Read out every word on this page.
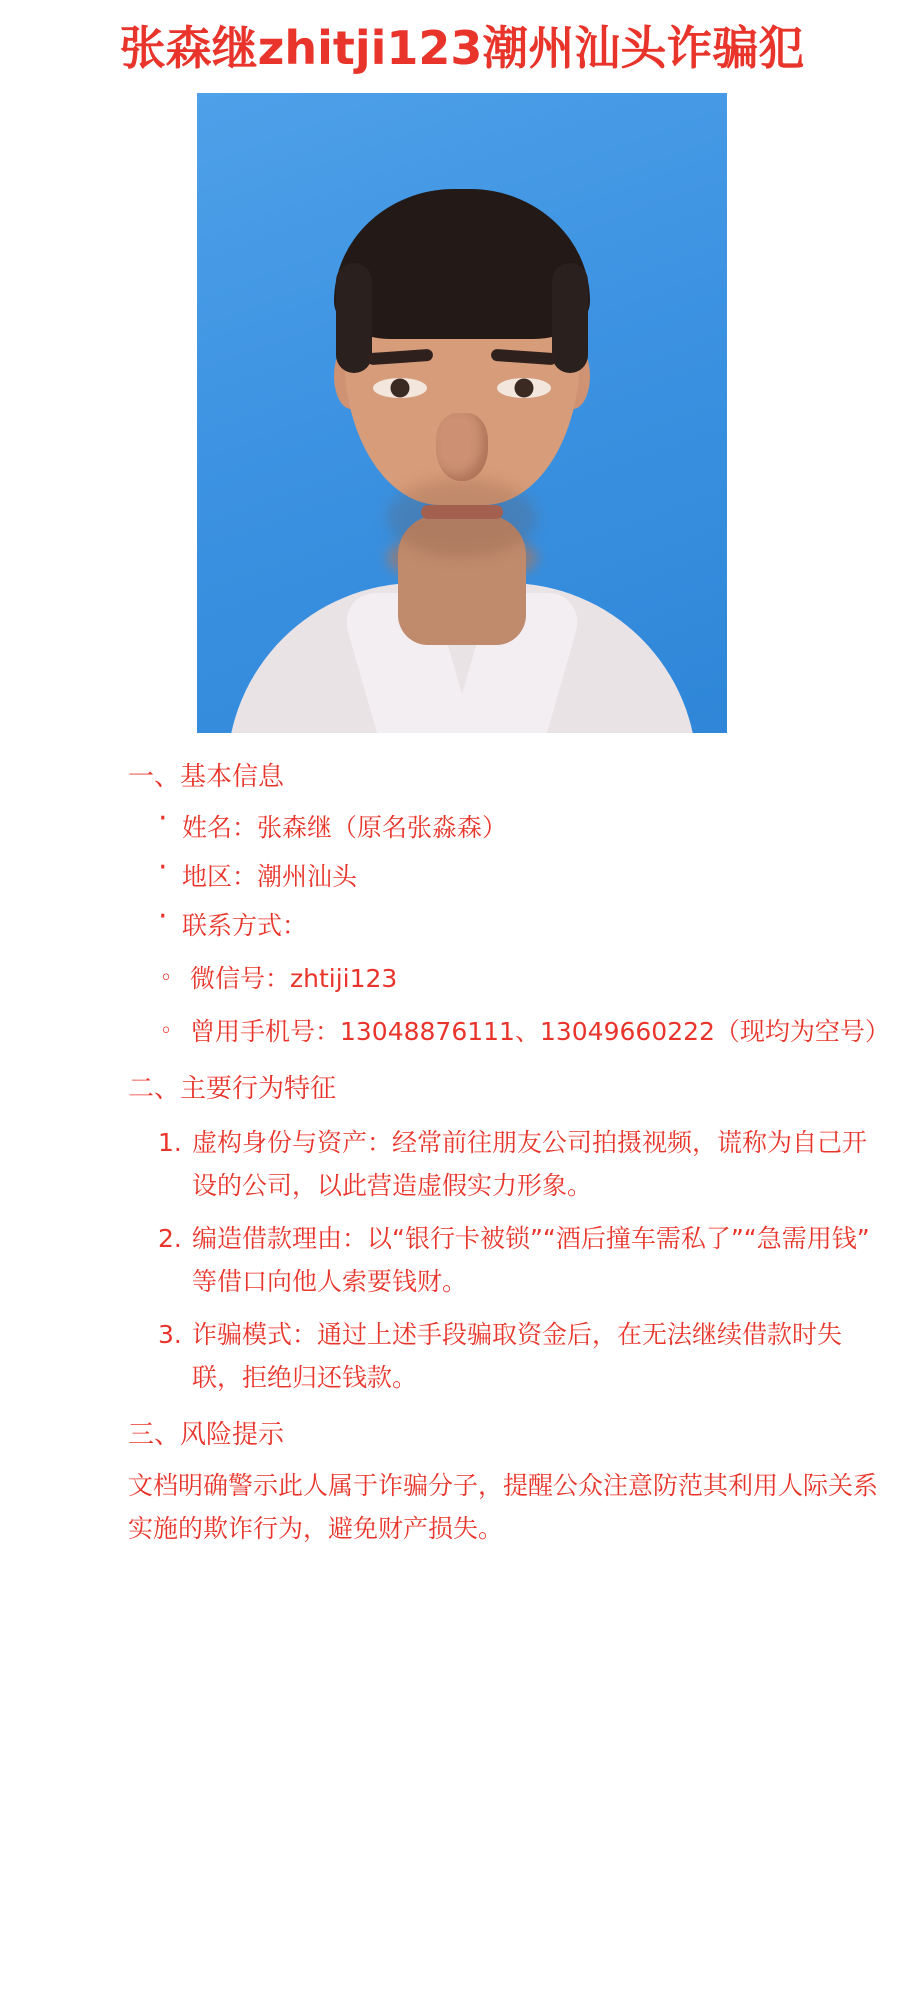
张森继zhitji123潮州汕头诈骗犯
一、基本信息
· 姓名：张森继（原名张淼森）
· 地区：潮州汕头
· 联系方式：
。 微信号：zhtiji123
。 曾用手机号：13048876111、13049660222（现均为空号）
二、主要行为特征
虚构身份与资产：经常前往朋友公司拍摄视频，谎称为自己开设的公司，以此营造虚假实力形象。
编造借款理由：以“银行卡被锁”“酒后撞车需私了”“急需用钱”等借口向他人索要钱财。
诈骗模式：通过上述手段骗取资金后，在无法继续借款时失联，拒绝归还钱款。
三、风险提示
文档明确警示此人属于诈骗分子，提醒公众注意防范其利用人际关系实施的欺诈行为，避免财产损失。
